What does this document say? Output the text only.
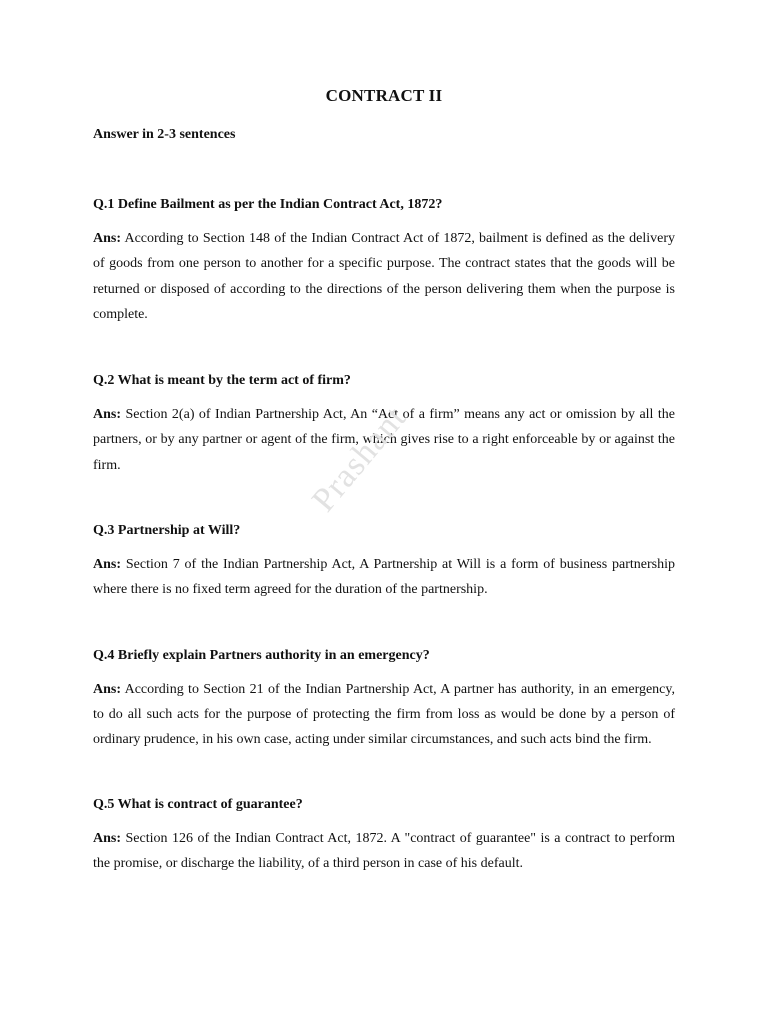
CONTRACT II
Answer in 2-3 sentences

Q.1 Define Bailment as per the Indian Contract Act, 1872?

Ans: According to Section 148 of the Indian Contract Act of 1872, bailment is defined as the delivery of goods from one person to another for a specific purpose. The contract states that the goods will be returned or disposed of according to the directions of the person delivering them when the purpose is complete.

Q.2 What is meant by the term act of firm?

Ans: Section 2(a) of Indian Partnership Act, An “Act of a firm” means any act or omission by all the partners, or by any partner or agent of the firm, which gives rise to a right enforceable by or against the firm.

Q.3 Partnership at Will?

Ans: Section 7 of the Indian Partnership Act, A Partnership at Will is a form of business partnership where there is no fixed term agreed for the duration of the partnership.

Q.4 Briefly explain Partners authority in an emergency?

Ans: According to Section 21 of the Indian Partnership Act, A partner has authority, in an emergency, to do all such acts for the purpose of protecting the firm from loss as would be done by a person of ordinary prudence, in his own case, acting under similar circumstances, and such acts bind the firm.

Q.5 What is contract of guarantee?

Ans: Section 126 of the Indian Contract Act, 1872. A "contract of guarantee" is a contract to perform the promise, or discharge the liability, of a third person in case of his default.

Prashant
